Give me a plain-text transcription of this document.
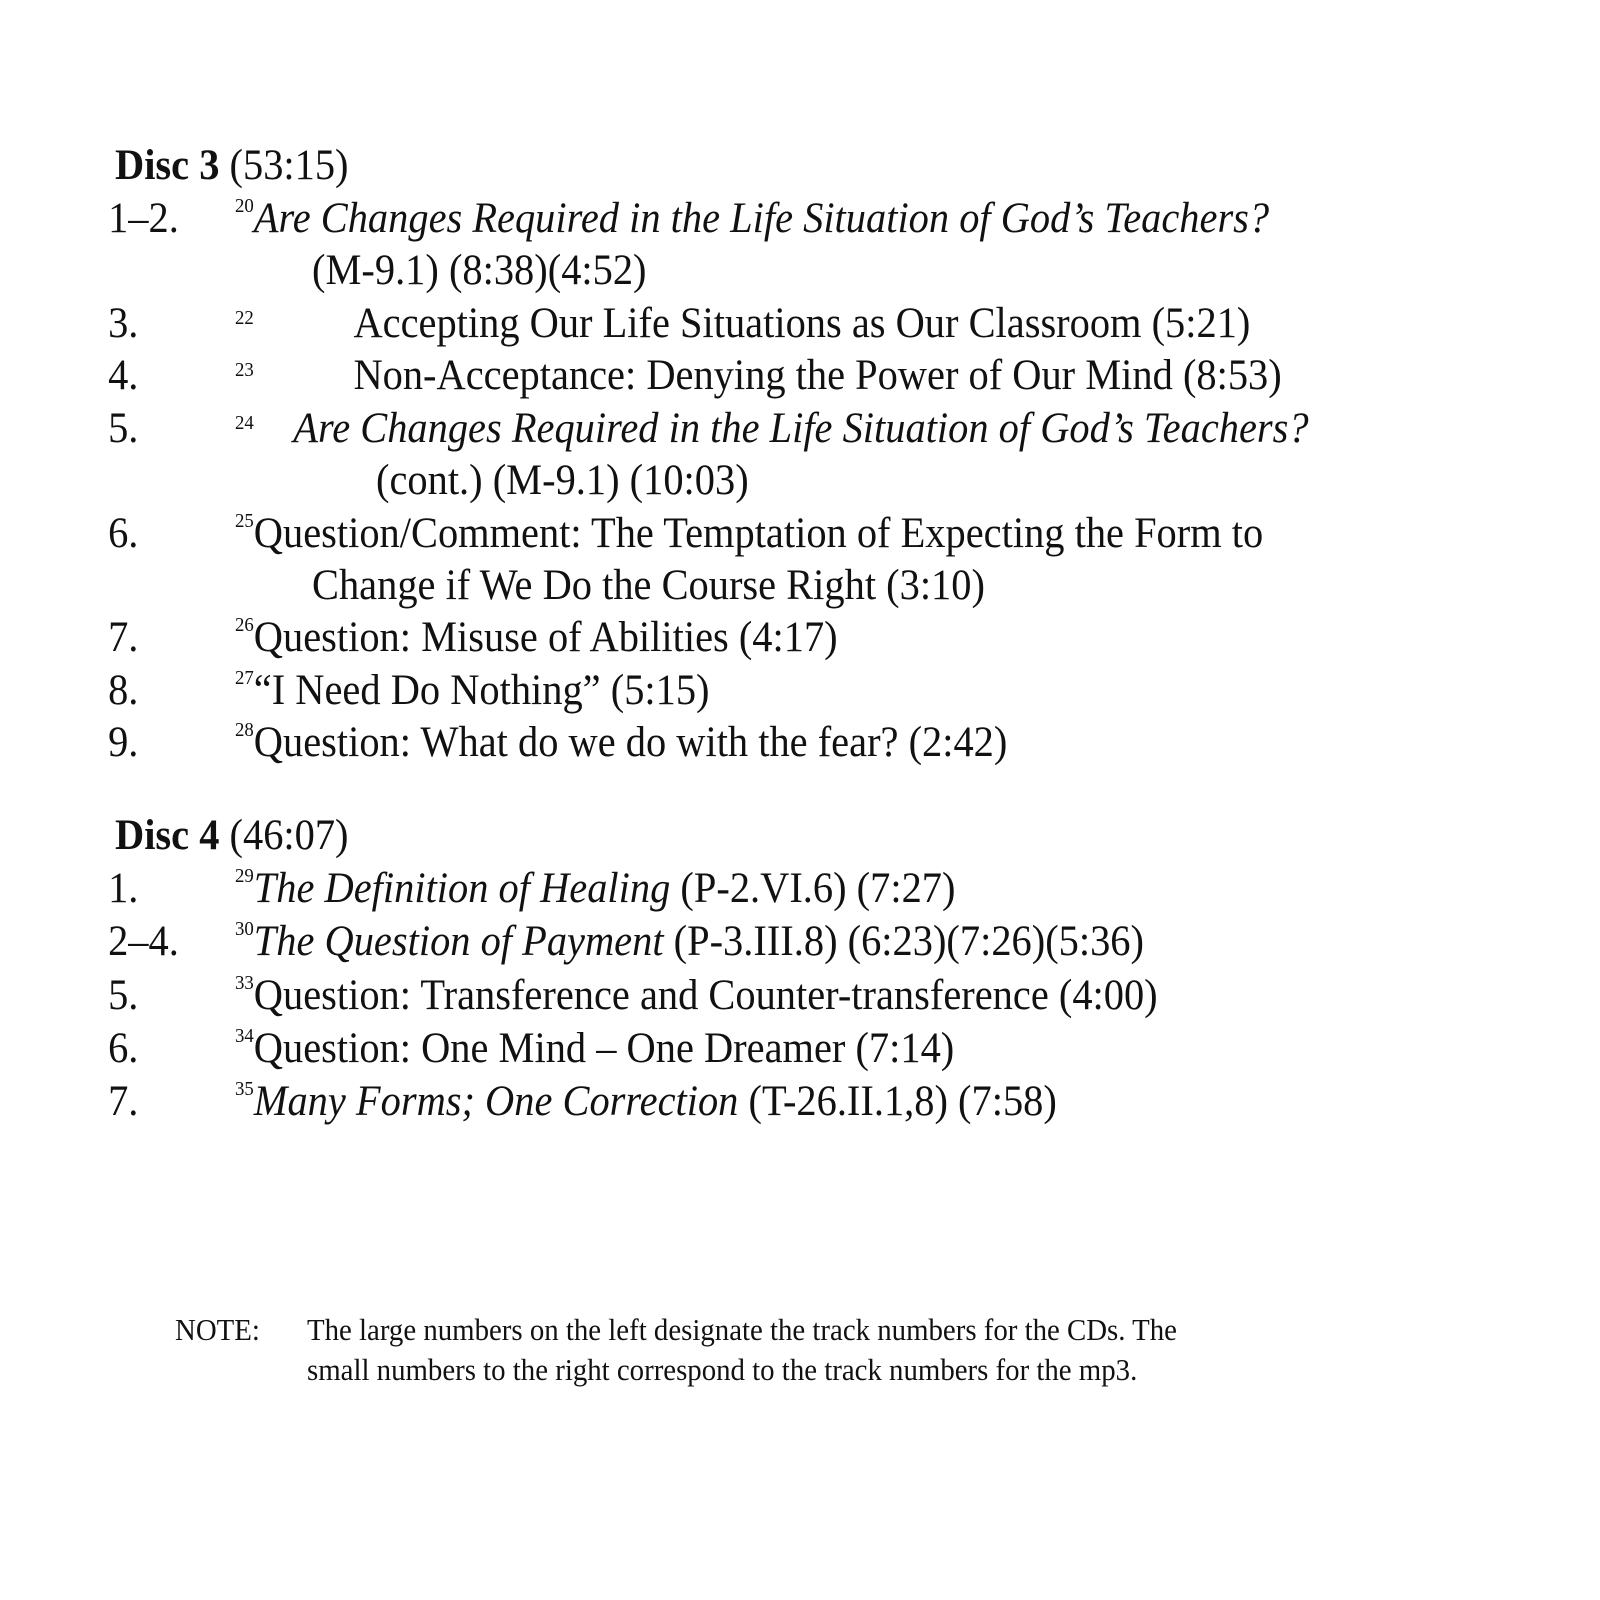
Disc 3 (53:15)
1–2.	$^{20}$Are Changes Required in the Life Situation of God’s Teachers?
(M-9.1) (8:38)(4:52)
3.	22 Accepting Our Life Situations as Our Classroom (5:21)
4.	23 Non-Acceptance: Denying the Power of Our Mind (8:53)
5.	24 Are Changes Required in the Life Situation of God’s Teachers?
(cont.) (M-9.1) (10:03)
6.	$^{25}$Question/Comment: The Temptation of Expecting the Form to
Change if We Do the Course Right (3:10)
7.	$^{26}$Question: Misuse of Abilities (4:17)
8.	$^{27}$“I Need Do Nothing” (5:15)
9.	$^{28}$Question: What do we do with the fear? (2:42)
Disc 4 (46:07)
1.	$^{29}$The Definition of Healing (P-2.VI.6) (7:27)
2–4.	$^{30}$The Question of Payment (P-3.III.8) (6:23)(7:26)(5:36)
5.	$^{33}$Question: Transference and Counter-transference (4:00)
6.	$^{34}$Question: One Mind – One Dreamer (7:14)
7.	$^{35}$Many Forms; One Correction (T-26.II.1,8) (7:58)
NOTE: The large numbers on the left designate the track numbers for the CDs. The
small numbers to the right correspond to the track numbers for the mp3.
